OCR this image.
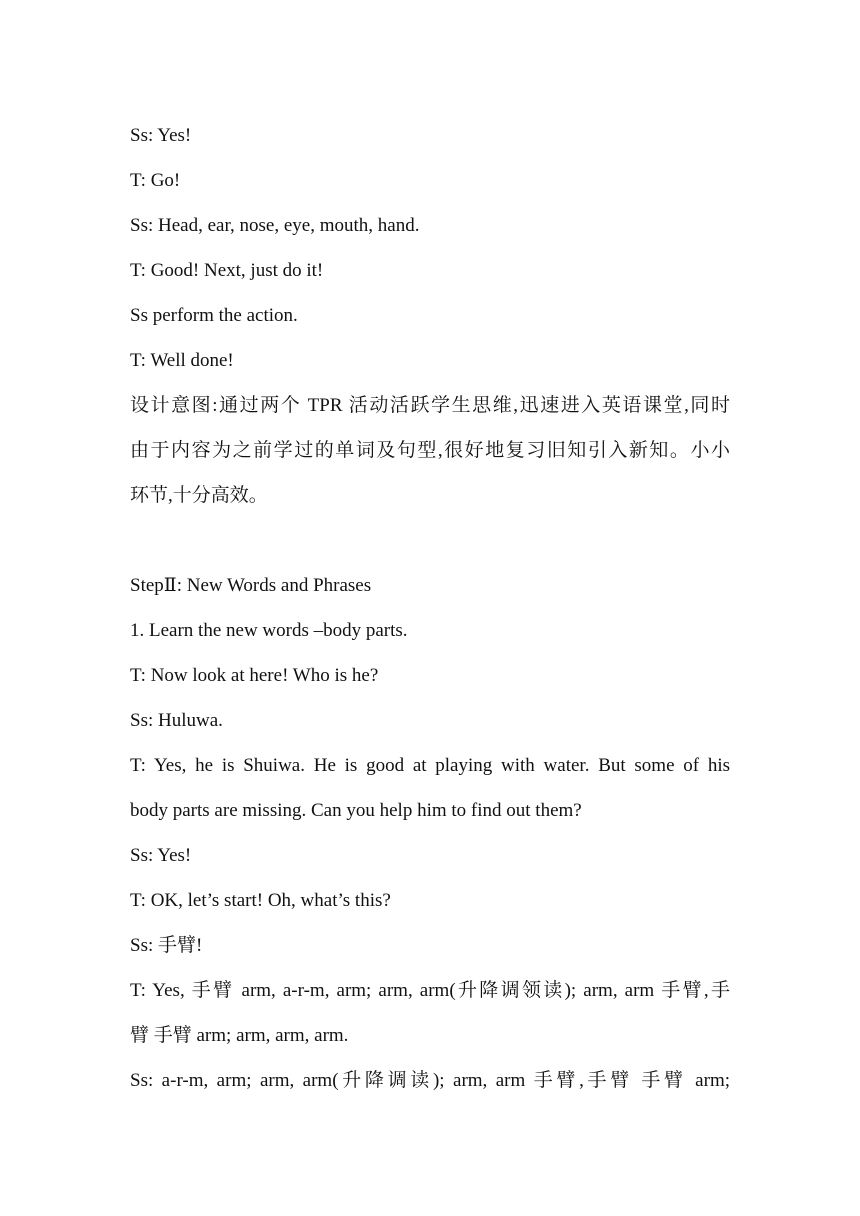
Ss: Yes!
T: Go!
Ss: Head, ear, nose, eye, mouth, hand.
T: Good! Next, just do it!
Ss perform the action.
T: Well done!
设计意图:通过两个 TPR 活动活跃学生思维,迅速进入英语课堂,同时
由于内容为之前学过的单词及句型,很好地复习旧知引入新知。小小
环节,十分高效。
StepⅡ: New Words and Phrases
1. Learn the new words –body parts.
T: Now look at here! Who is he?
Ss: Huluwa.
T: Yes, he is Shuiwa. He is good at playing with water. But some of his
body parts are missing. Can you help him to find out them?
Ss: Yes!
T: OK, let’s start! Oh, what’s this?
Ss: 手臂!
T: Yes, 手臂 arm, a-r-m, arm; arm, arm(升降调领读); arm, arm 手臂,手
臂 手臂 arm; arm, arm, arm.
Ss: a-r-m, arm; arm, arm(升降调读); arm, arm 手臂,手臂 手臂 arm;
